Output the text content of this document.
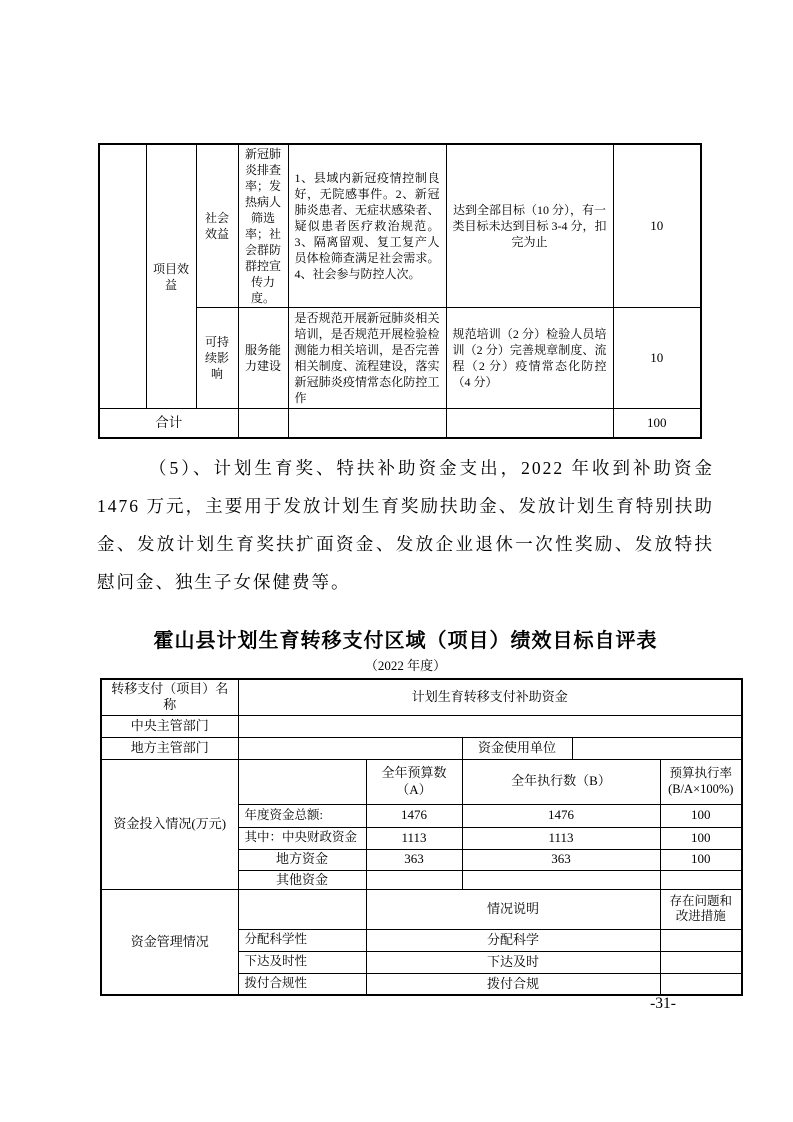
	项目效益	社会效益	新冠肺炎排查率；发热病人筛选率；社会群防群控宣传力度。	1、县域内新冠疫情控制良好，无院感事件。2、新冠肺炎患者、无症状感染者、疑似患者医疗救治规范。3、隔离留观、复工复产人员体检筛查满足社会需求。4、社会参与防控人次。	达到全部目标（10 分），有一类目标未达到目标 3-4 分，扣完为止	10
		可持续影响	服务能力建设	是否规范开展新冠肺炎相关培训，是否规范开展检验检测能力相关培训，是否完善相关制度、流程建设，落实新冠肺炎疫情常态化防控工作	规范培训（2 分）检验人员培训（2 分）完善规章制度、流程（2 分）疫情常态化防控（4 分）	10
合计						100

（5）、计划生育奖、特扶补助资金支出，2022 年收到补助资金 1476 万元，主要用于发放计划生育奖励扶助金、发放计划生育特别扶助金、发放计划生育奖扶扩面资金、发放企业退休一次性奖励、发放特扶慰问金、独生子女保健费等。

霍山县计划生育转移支付区域（项目）绩效目标自评表
（2022 年度）
转移支付（项目）名称	计划生育转移支付补助资金				
中央主管部门					
地方主管部门			资金使用单位		
资金投入情况(万元)		全年预算数（A）	全年执行数（B）		预算执行率(B/A×100%)
	年度资金总额:	1476	1476		100
	其中：中央财政资金	1113	1113		100
	地方资金	363	363		100
	其他资金				
资金管理情况		情况说明			存在问题和改进措施
	分配科学性	分配科学			
	下达及时性	下达及时			
	拨付合规性	拨付合规			
-31-
